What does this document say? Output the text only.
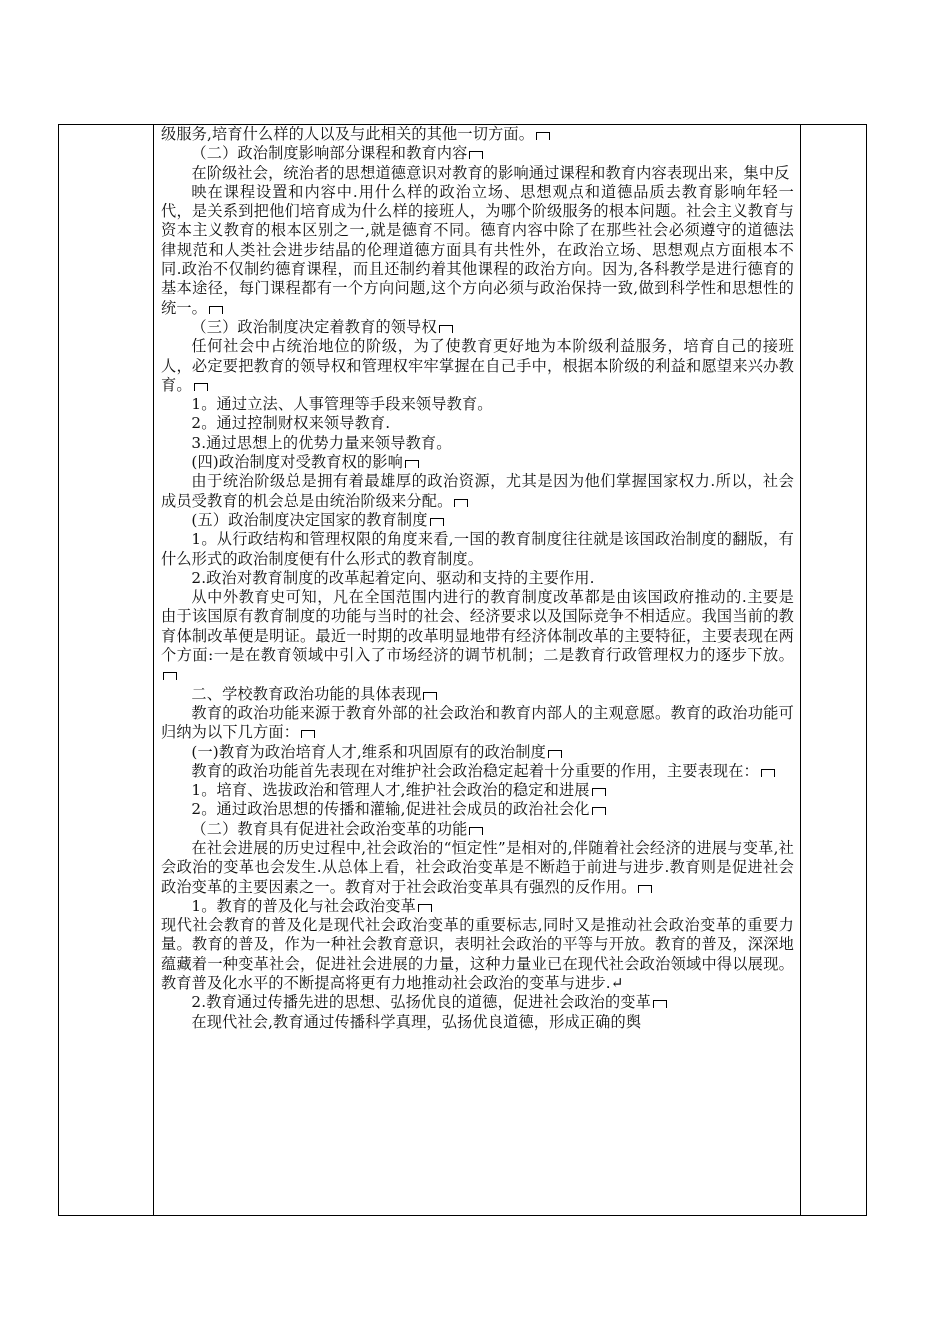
级服务,培育什么样的人以及与此相关的其他一切方面。

（二）政治制度影响部分课程和教育内容

在阶级社会，统治者的思想道德意识对教育的影响通过课程和教育内容表现出来，集中反

映在课程设置和内容中.用什么样的政治立场、思想观点和道德品质去教育影响年轻一代，是关系到把他们培育成为什么样的接班人，为哪个阶级服务的根本问题。社会主义教育与资本主义教育的根本区别之一,就是德育不同。德育内容中除了在那些社会必须遵守的道德法律规范和人类社会进步结晶的伦理道德方面具有共性外，在政治立场、思想观点方面根本不同.政治不仅制约德育课程，而且还制约着其他课程的政治方向。因为,各科教学是进行德育的基本途径，每门课程都有一个方向问题,这个方向必须与政治保持一致,做到科学性和思想性的统一。

（三）政治制度决定着教育的领导权

任何社会中占统治地位的阶级，为了使教育更好地为本阶级利益服务，培育自己的接班人，必定要把教育的领导权和管理权牢牢掌握在自己手中，根据本阶级的利益和愿望来兴办教育。

1。通过立法、人事管理等手段来领导教育。

2。通过控制财权来领导教育.

3.通过思想上的优势力量来领导教育。

(四)政治制度对受教育权的影响

由于统治阶级总是拥有着最雄厚的政治资源，尤其是因为他们掌握国家权力.所以，社会成员受教育的机会总是由统治阶级来分配。

(五）政治制度决定国家的教育制度

1。从行政结构和管理权限的角度来看,一国的教育制度往往就是该国政治制度的翻版，有什么形式的政治制度便有什么形式的教育制度。

2.政治对教育制度的改革起着定向、驱动和支持的主要作用.

从中外教育史可知，凡在全国范围内进行的教育制度改革都是由该国政府推动的.主要是由于该国原有教育制度的功能与当时的社会、经济要求以及国际竞争不相适应。我国当前的教育体制改革便是明证。最近一时期的改革明显地带有经济体制改革的主要特征，主要表现在两个方面:一是在教育领域中引入了市场经济的调节机制；二是教育行政管理权力的逐步下放。

二、学校教育政治功能的具体表现

教育的政治功能来源于教育外部的社会政治和教育内部人的主观意愿。教育的政治功能可归纳为以下几方面：

(一)教育为政治培育人才,维系和巩固原有的政治制度

教育的政治功能首先表现在对维护社会政治稳定起着十分重要的作用，主要表现在：

1。培育、选拔政治和管理人才,维护社会政治的稳定和进展

2。通过政治思想的传播和灌输,促进社会成员的政治社会化

（二）教育具有促进社会政治变革的功能

在社会进展的历史过程中,社会政治的“恒定性”是相对的,伴随着社会经济的进展与变革,社会政治的变革也会发生.从总体上看，社会政治变革是不断趋于前进与进步.教育则是促进社会政治变革的主要因素之一。教育对于社会政治变革具有强烈的反作用。

1。教育的普及化与社会政治变革

现代社会教育的普及化是现代社会政治变革的重要标志,同时又是推动社会政治变革的重要力量。教育的普及，作为一种社会教育意识，表明社会政治的平等与开放。教育的普及，深深地蕴藏着一种变革社会，促进社会进展的力量，这种力量业已在现代社会政治领域中得以展现。教育普及化水平的不断提高将更有力地推动社会政治的变革与进步.↵

2.教育通过传播先进的思想、弘扬优良的道德，促进社会政治的变革

在现代社会,教育通过传播科学真理，弘扬优良道德，形成正确的舆
